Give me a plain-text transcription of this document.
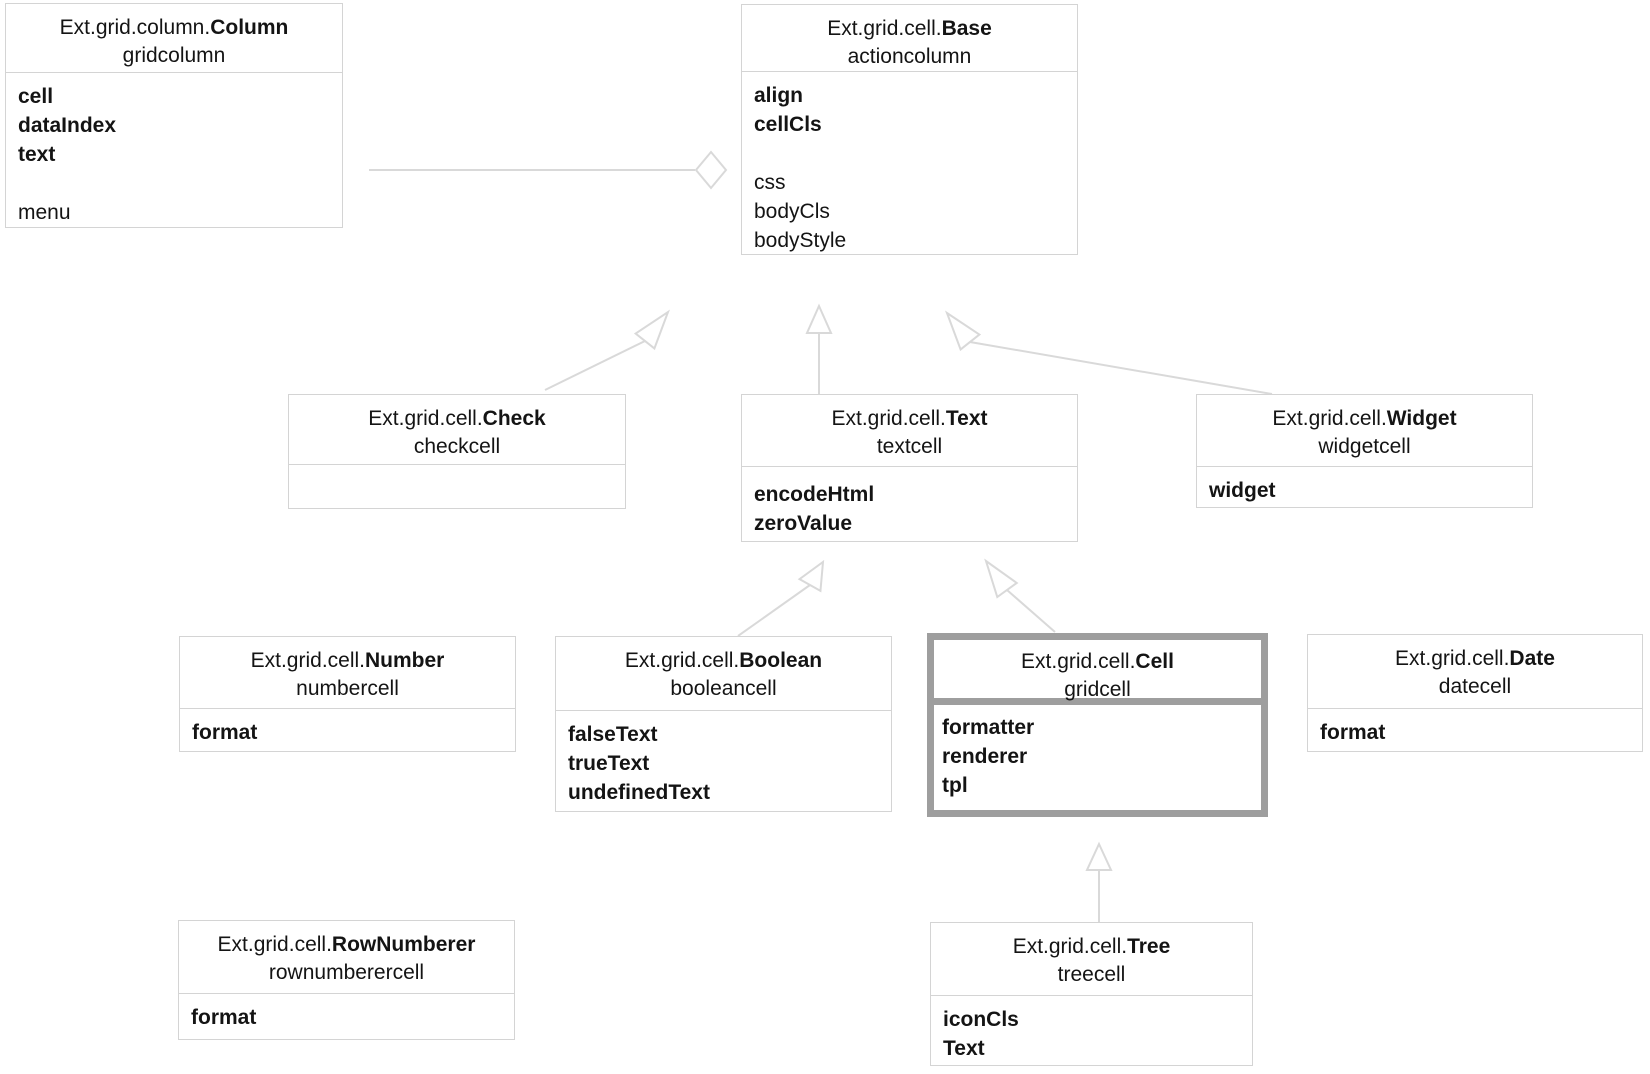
Ext.grid.column.Column
gridcolumn
cell
dataIndex
text

menu
Ext.grid.cell.Base
actioncolumn
align
cellCls

css
bodyCls
bodyStyle
Ext.grid.cell.Check
checkcell
Ext.grid.cell.Text
textcell
encodeHtml
zeroValue
Ext.grid.cell.Widget
widgetcell
widget
Ext.grid.cell.Number
numbercell
format
Ext.grid.cell.Boolean
booleancell
falseText
trueText
undefinedText
Ext.grid.cell.Cell
gridcell
formatter
renderer
tpl
Ext.grid.cell.Date
datecell
format
Ext.grid.cell.RowNumberer
rownumberercell
format
Ext.grid.cell.Tree
treecell
iconCls
Text
